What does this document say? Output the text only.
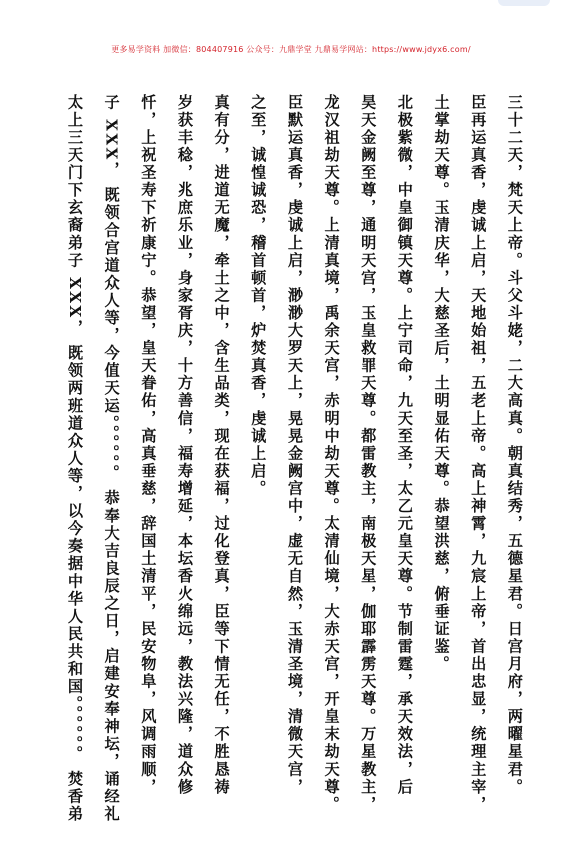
更多易学资料 加微信：804407916 公众号：九鼎学堂 九鼎易学网站：https://www.jdyx6.com/
三十二天，梵天上帝。斗父斗姥，二大高真。朝真结秀，五德星君。日宫月府，两曜星君。
臣再运真香，虔诚上启，天地始祖，五老上帝。高上神霄，九宸上帝，首出忠显，统理主宰，
土掌劫天尊。玉清庆华，大慈圣后，土明显佑天尊。恭望洪慈，俯垂证鉴。
北极紫微，中皇御镇天尊。上宁司命，九天至圣，太乙元皇天尊。节制雷霆，承天效法，后
昊天金阙至尊，通明天宫，玉皇救罪天尊。都雷教主，南极天星，伽耶霹雳天尊。万星教主，
龙汉祖劫天尊。上清真境，禹余天宫，赤明中劫天尊。太清仙境，大赤天宫，开皇末劫天尊。
臣默运真香，虔诚上启，渺渺大罗天上，晃晃金阙宫中，虚无自然，玉清圣境，清微天宫，
之至，诚惶诚恐，稽首顿首，炉焚真香，虔诚上启。
真有分，进道无魔，牵土之中，含生品类，现在获福，过化登真，臣等下情无任，不胜恳祷
岁获丰稔，兆庶乐业，身家胥庆，十方善信，福寿增延，本坛香火绵远，教法兴隆，道众修
忏，上祝圣寿下祈康宁。恭望，皇天眷佑，高真垂慈，辞国土清平，民安物阜，风调雨顺，
子 XXX， 既领合宫道众人等，今值天运。。。。。。 恭奉大吉良辰之日，启建安奉神坛，诵经礼
太上三天门下玄裔弟子 XXX， 既领两班道众人等，以今奏据中华人民共和国。。。。。。 焚香弟
